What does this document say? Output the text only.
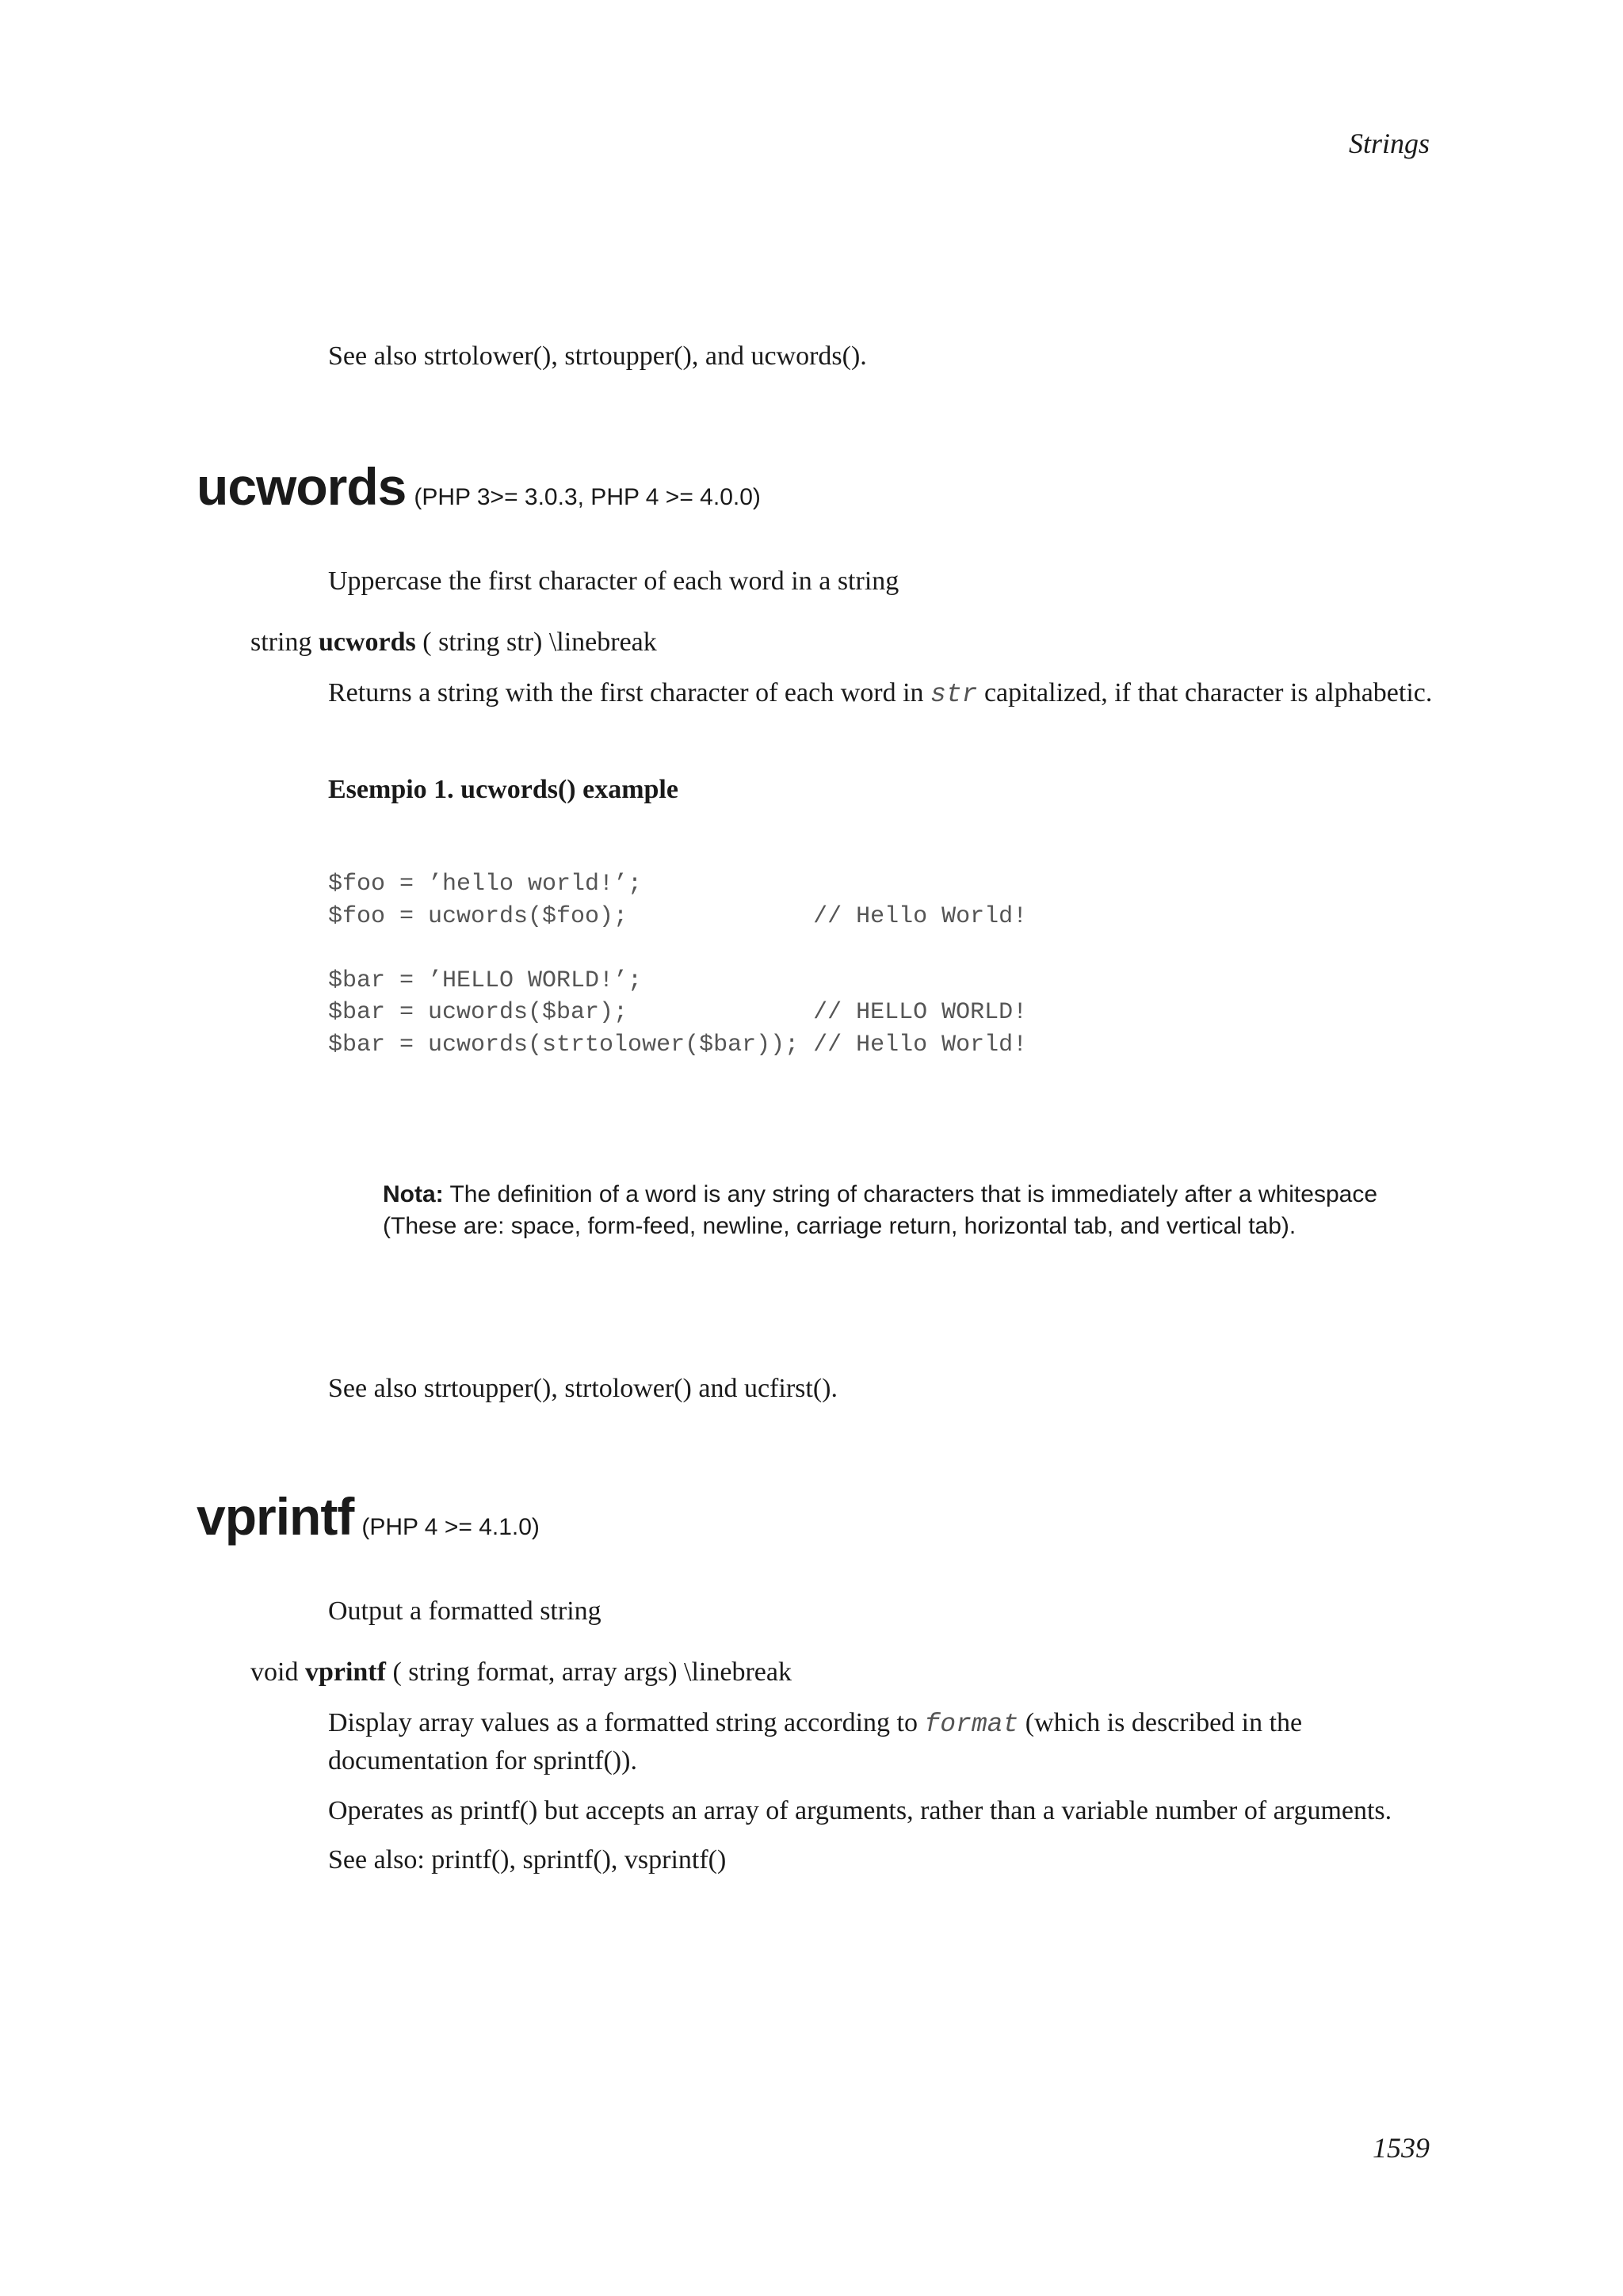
Strings
See also strtolower(), strtoupper(), and ucwords().
ucwords (PHP 3>= 3.0.3, PHP 4 >= 4.0.0)
Uppercase the first character of each word in a string
string ucwords ( string str) \linebreak
Returns a string with the first character of each word in str capitalized, if that character is alphabetic.
Esempio 1. ucwords() example
$foo = ’hello world!’;
$foo = ucwords($foo);             // Hello World!

$bar = ’HELLO WORLD!’;
$bar = ucwords($bar);             // HELLO WORLD!
$bar = ucwords(strtolower($bar)); // Hello World!
Nota: The definition of a word is any string of characters that is immediately after a whitespace (These are: space, form-feed, newline, carriage return, horizontal tab, and vertical tab).
See also strtoupper(), strtolower() and ucfirst().
vprintf (PHP 4 >= 4.1.0)
Output a formatted string
void vprintf ( string format, array args) \linebreak
Display array values as a formatted string according to format (which is described in the documentation for sprintf()).
Operates as printf() but accepts an array of arguments, rather than a variable number of arguments.
See also: printf(), sprintf(), vsprintf()
1539
